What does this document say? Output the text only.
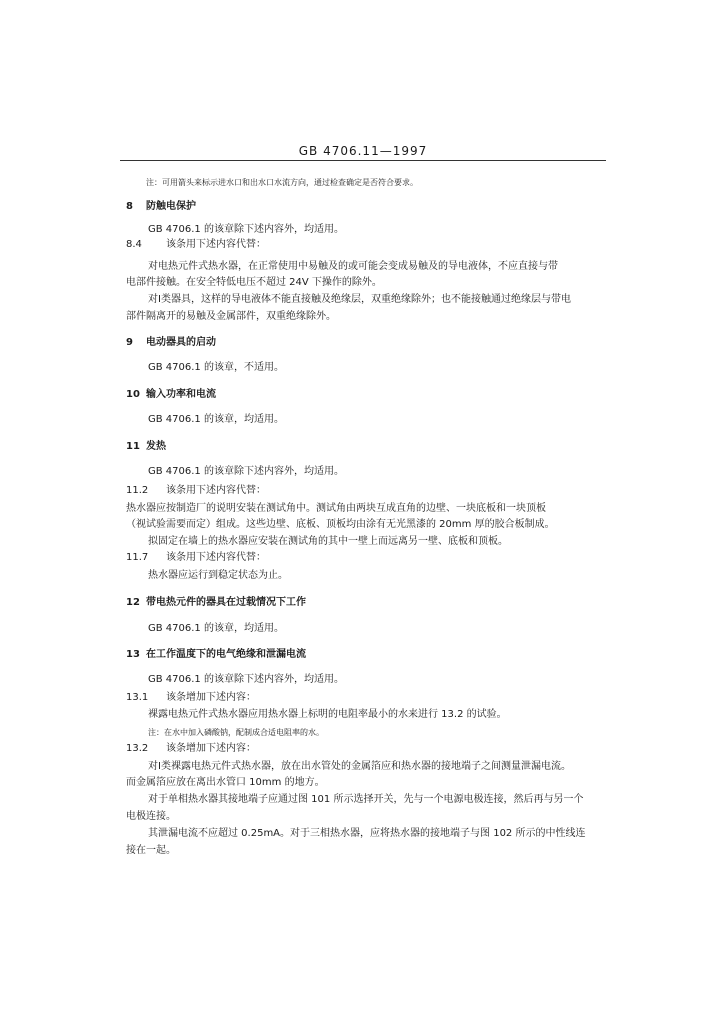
GB 4706.11—1997
注：可用箭头来标示进水口和出水口水流方向，通过检查确定是否符合要求。
8 防触电保护
GB 4706.1 的该章除下述内容外，均适用。
8.4 该条用下述内容代替：
对电热元件式热水器，在正常使用中易触及的或可能会变成易触及的导电液体，不应直接与带
电部件接触。在安全特低电压不超过 24V 下操作的除外。
对Ⅰ类器具，这样的导电液体不能直接触及绝缘层，双重绝缘除外；也不能接触通过绝缘层与带电
部件隔离开的易触及金属部件，双重绝缘除外。
9 电动器具的启动
GB 4706.1 的该章，不适用。
10 输入功率和电流
GB 4706.1 的该章，均适用。
11 发热
GB 4706.1 的该章除下述内容外，均适用。
11.2 该条用下述内容代替：
热水器应按制造厂的说明安装在测试角中。测试角由两块互成直角的边壁、一块底板和一块顶板
（视试验需要而定）组成。这些边壁、底板、顶板均由涂有无光黑漆的 20mm 厚的胶合板制成。
拟固定在墙上的热水器应安装在测试角的其中一壁上而远离另一壁、底板和顶板。
11.7 该条用下述内容代替：
热水器应运行到稳定状态为止。
12 带电热元件的器具在过载情况下工作
GB 4706.1 的该章，均适用。
13 在工作温度下的电气绝缘和泄漏电流
GB 4706.1 的该章除下述内容外，均适用。
13.1 该条增加下述内容：
裸露电热元件式热水器应用热水器上标明的电阻率最小的水来进行 13.2 的试验。
注：在水中加入磷酸钠，配制成合适电阻率的水。
13.2 该条增加下述内容：
对Ⅰ类裸露电热元件式热水器，放在出水管处的金属箔应和热水器的接地端子之间测量泄漏电流。
而金属箔应放在离出水管口 10mm 的地方。
对于单相热水器其接地端子应通过图 101 所示选择开关，先与一个电源电极连接，然后再与另一个
电极连接。
其泄漏电流不应超过 0.25mA。对于三相热水器，应将热水器的接地端子与图 102 所示的中性线连
接在一起。
